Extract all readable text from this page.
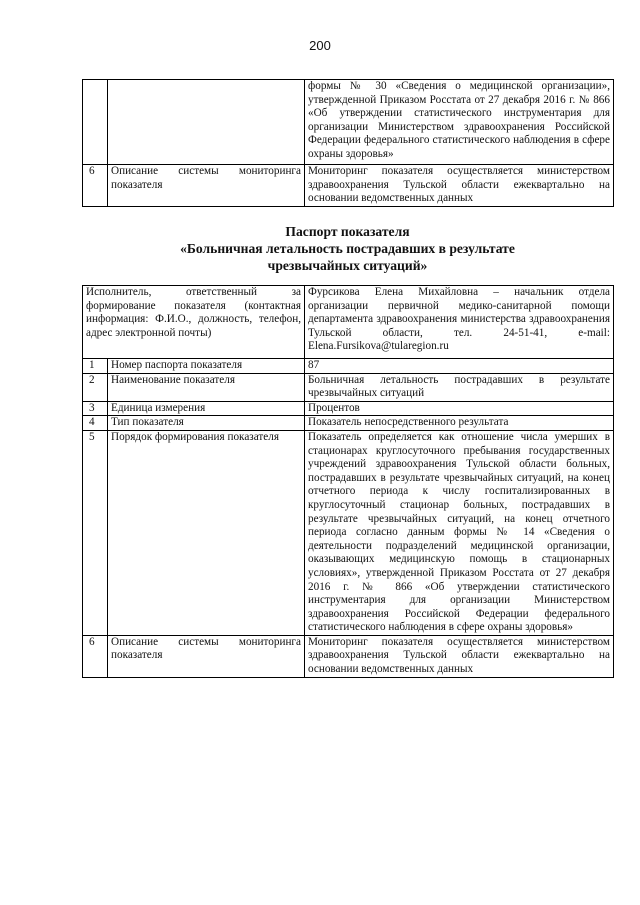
200
		формы № 30 «Сведения о медицинской организации», утвержденной Приказом Росстата от 27 декабря 2016 г. № 866 «Об утверждении статистического инструментария для организации Министерством здравоохранения Российской Федерации федерального статистического наблюдения в сфере охраны здоровья»
6	Описание системы мониторинга показателя	Мониторинг показателя осуществляется министерством здравоохранения Тульской области ежеквартально на основании ведомственных данных
Паспорт показателя
«Больничная летальность пострадавших в результате
чрезвычайных ситуаций»
Исполнитель, ответственный за формирование показателя (контактная информация: Ф.И.О., должность, телефон, адрес электронной почты)		Фурсикова Елена Михайловна – начальник отдела организации первичной медико-санитарной помощи департамента здравоохранения министерства здравоохранения Тульской области, тел. 24-51-41, e-mail: Elena.Fursikova@tularegion.ru
1	Номер паспорта показателя	87
2	Наименование показателя	Больничная летальность пострадавших в результате чрезвычайных ситуаций
3	Единица измерения	Процентов
4	Тип показателя	Показатель непосредственного результата
5	Порядок формирования показателя	Показатель определяется как отношение числа умерших в стационарах круглосуточного пребывания государственных учреждений здравоохранения Тульской области больных, пострадавших в результате чрезвычайных ситуаций, на конец отчетного периода к числу госпитализированных в круглосуточный стационар больных, пострадавших в результате чрезвычайных ситуаций, на конец отчетного периода согласно данным формы № 14 «Сведения о деятельности подразделений медицинской организации, оказывающих медицинскую помощь в стационарных условиях», утвержденной Приказом Росстата от 27 декабря 2016 г. № 866 «Об утверждении статистического инструментария для организации Министерством здравоохранения Российской Федерации федерального статистического наблюдения в сфере охраны здоровья»
6	Описание системы мониторинга показателя	Мониторинг показателя осуществляется министерством здравоохранения Тульской области ежеквартально на основании ведомственных данных
